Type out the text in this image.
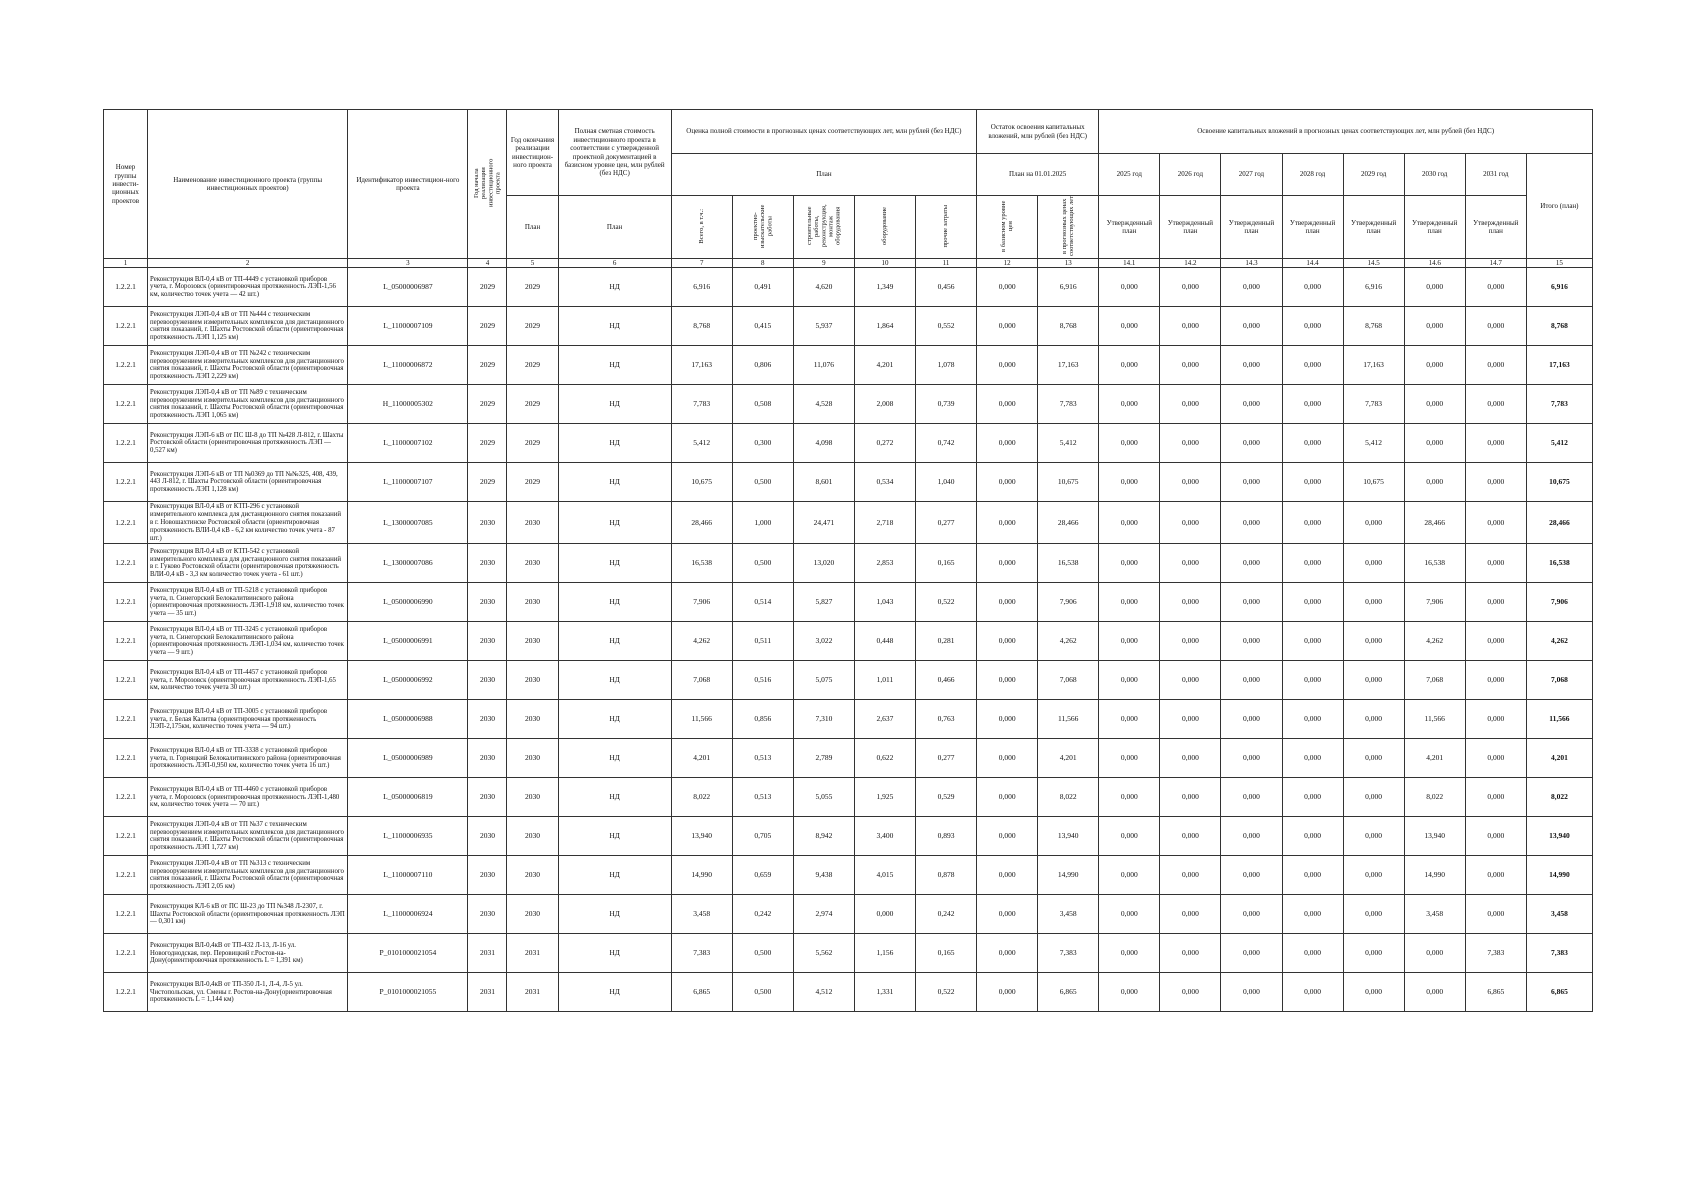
Номер группы инвести-ционных проектов	Наименование инвестиционного проекта (группы инвестиционных проектов)	Идентификатор инвестицион-ного проекта	Год начала реализации инвестиционного проекта	Год окончания реализации инвестицион-ного проекта	Полная сметная стоимость инвестиционного проекта в соответствии с утвержденной проектной документацией в базисном уровне цен, млн рублей (без НДС)	Оценка полной стоимости в прогнозных ценах соответствующих лет, млн рублей (без НДС)					Остаток освоения капитальных вложений, млн рублей (без НДС)		Освоение капитальных вложений в прогнозных ценах соответствующих лет, млн рублей (без НДС)							
						План					План на 01.01.2025		2025 год	2026 год	2027 год	2028 год	2029 год	2030 год	2031 год	Итого (план)
				План	План	Всего, в т.ч.:	проектно-изыскательские работы	строительные работы, реконструкция, монтаж оборудования	оборудование	прочие затраты	в базисном уровне цен	в прогнозных ценах соответствующих лет	Утвержденный план	Утвержденный план	Утвержденный план	Утвержденный план	Утвержденный план	Утвержденный план	Утвержденный план	
1	2	3	4	5	6	7	8	9	10	11	12	13	14.1	14.2	14.3	14.4	14.5	14.6	14.7	15
1.2.2.1	Реконструкция ВЛ-0,4 кВ от ТП-4449 с установкой приборов учета, г. Морозовск (ориентировочная протяженность ЛЭП-1,56 км, количество точек учета — 42 шт.)	L_05000006987	2029	2029	НД	6,916	0,491	4,620	1,349	0,456	0,000	6,916	0,000	0,000	0,000	0,000	6,916	0,000	0,000	6,916
1.2.2.1	Реконструкция ЛЭП-0,4 кВ от ТП №444 с техническим перевооружением измерительных комплексов для дистанционного снятия показаний, г. Шахты Ростовской области (ориентировочная протяженность ЛЭП 1,125 км)	L_11000007109	2029	2029	НД	8,768	0,415	5,937	1,864	0,552	0,000	8,768	0,000	0,000	0,000	0,000	8,768	0,000	0,000	8,768
1.2.2.1	Реконструкция ЛЭП-0,4 кВ от ТП №242 с техническим перевооружением измерительных комплексов для дистанционного снятия показаний, г. Шахты Ростовской области (ориентировочная протяженность ЛЭП 2,229 км)	L_11000006872	2029	2029	НД	17,163	0,806	11,076	4,201	1,078	0,000	17,163	0,000	0,000	0,000	0,000	17,163	0,000	0,000	17,163
1.2.2.1	Реконструкция ЛЭП-0,4 кВ от ТП №89 с техническим перевооружением измерительных комплексов для дистанционного снятия показаний, г. Шахты Ростовской области (ориентировочная протяженность ЛЭП 1,065 км)	H_11000005302	2029	2029	НД	7,783	0,508	4,528	2,008	0,739	0,000	7,783	0,000	0,000	0,000	0,000	7,783	0,000	0,000	7,783
1.2.2.1	Реконструкция ЛЭП-6 кВ от ПС Ш-8 до ТП №428 Л-812, г. Шахты Ростовской области (ориентировочная протяженность ЛЭП — 0,527 км)	L_11000007102	2029	2029	НД	5,412	0,300	4,098	0,272	0,742	0,000	5,412	0,000	0,000	0,000	0,000	5,412	0,000	0,000	5,412
1.2.2.1	Реконструкция ЛЭП-6 кВ от ТП №0369 до ТП №№325, 408, 439, 443 Л-812, г. Шахты Ростовской области (ориентировочная протяженность ЛЭП 1,128 км)	L_11000007107	2029	2029	НД	10,675	0,500	8,601	0,534	1,040	0,000	10,675	0,000	0,000	0,000	0,000	10,675	0,000	0,000	10,675
1.2.2.1	Реконструкция ВЛ-0,4 кВ от КТП-296 с установкой измерительного комплекса для дистанционного снятия показаний в г. Новошахтинске Ростовской области (ориентировочная протяженность ВЛИ-0,4 кВ - 6,2 км количество точек учета - 87 шт.)	L_13000007085	2030	2030	НД	28,466	1,000	24,471	2,718	0,277	0,000	28,466	0,000	0,000	0,000	0,000	0,000	28,466	0,000	28,466
1.2.2.1	Реконструкция ВЛ-0,4 кВ от КТП-542 с установкой измерительного комплекса для дистанционного снятия показаний в г. Гуково Ростовской области (ориентировочная протяженность ВЛИ-0,4 кВ - 3,3 км количество точек учета - 61 шт.)	L_13000007086	2030	2030	НД	16,538	0,500	13,020	2,853	0,165	0,000	16,538	0,000	0,000	0,000	0,000	0,000	16,538	0,000	16,538
1.2.2.1	Реконструкция ВЛ-0,4 кВ от ТП-5218 с установкой приборов учета, п. Синегорский Белокалитвинского района (ориентировочная протяженность ЛЭП-1,918 км, количество точек учета — 35 шт.)	L_05000006990	2030	2030	НД	7,906	0,514	5,827	1,043	0,522	0,000	7,906	0,000	0,000	0,000	0,000	0,000	7,906	0,000	7,906
1.2.2.1	Реконструкция ВЛ-0,4 кВ от ТП-3245 с установкой приборов учета, п. Синегорский Белокалитвинского района (ориентировочная протяженность ЛЭП-1,034 км, количество точек учета — 9 шт.)	L_05000006991	2030	2030	НД	4,262	0,511	3,022	0,448	0,281	0,000	4,262	0,000	0,000	0,000	0,000	0,000	4,262	0,000	4,262
1.2.2.1	Реконструкция ВЛ-0,4 кВ от ТП-4457 с установкой приборов учета, г. Морозовск (ориентировочная протяженность ЛЭП-1,65 км, количество точек учета 30 шт.)	L_05000006992	2030	2030	НД	7,068	0,516	5,075	1,011	0,466	0,000	7,068	0,000	0,000	0,000	0,000	0,000	7,068	0,000	7,068
1.2.2.1	Реконструкция ВЛ-0,4 кВ от ТП-3005 с установкой приборов учета, г. Белая Калитва (ориентировочная протяженность ЛЭП-2,175км, количество точек учета — 94 шт.)	L_05000006988	2030	2030	НД	11,566	0,856	7,310	2,637	0,763	0,000	11,566	0,000	0,000	0,000	0,000	0,000	11,566	0,000	11,566
1.2.2.1	Реконструкция ВЛ-0,4 кВ от ТП-3338 с установкой приборов учета, п. Горняцкий Белокалитвинского района (ориентировочная протяженность ЛЭП-0,950 км, количество точек учета 16 шт.)	L_05000006989	2030	2030	НД	4,201	0,513	2,789	0,622	0,277	0,000	4,201	0,000	0,000	0,000	0,000	0,000	4,201	0,000	4,201
1.2.2.1	Реконструкция ВЛ-0,4 кВ от ТП-4460 с установкой приборов учета, г. Морозовск (ориентировочная протяженность ЛЭП-1,480 км, количество точек учета — 70 шт.)	L_05000006819	2030	2030	НД	8,022	0,513	5,055	1,925	0,529	0,000	8,022	0,000	0,000	0,000	0,000	0,000	8,022	0,000	8,022
1.2.2.1	Реконструкция ЛЭП-0,4 кВ от ТП №37 с техническим перевооружением измерительных комплексов для дистанционного снятия показаний, г. Шахты Ростовской области (ориентировочная протяженность ЛЭП 1,727 км)	L_11000006935	2030	2030	НД	13,940	0,705	8,942	3,400	0,893	0,000	13,940	0,000	0,000	0,000	0,000	0,000	13,940	0,000	13,940
1.2.2.1	Реконструкция ЛЭП-0,4 кВ от ТП №313 с техническим перевооружением измерительных комплексов для дистанционного снятия показаний, г. Шахты Ростовской области (ориентировочная протяженность ЛЭП 2,05 км)	L_11000007110	2030	2030	НД	14,990	0,659	9,438	4,015	0,878	0,000	14,990	0,000	0,000	0,000	0,000	0,000	14,990	0,000	14,990
1.2.2.1	Реконструкция КЛ-6 кВ от ПС Ш-23 до ТП №348 Л-2307, г. Шахты Ростовской области (ориентировочная протяженность ЛЭП — 0,301 км)	L_11000006924	2030	2030	НД	3,458	0,242	2,974	0,000	0,242	0,000	3,458	0,000	0,000	0,000	0,000	0,000	3,458	0,000	3,458
1.2.2.1	Реконструкция ВЛ-0,4кВ от ТП-432 Л-13, Л-16 ул. Новогоднодская, пер. Перовицкий г.Ростов-на-Дону(ориентировочная протяженность L = 1,391 км)	P_0101000021054	2031	2031	НД	7,383	0,500	5,562	1,156	0,165	0,000	7,383	0,000	0,000	0,000	0,000	0,000	0,000	7,383	7,383
1.2.2.1	Реконструкция ВЛ-0,4кВ от ТП-350 Л-1, Л-4, Л-5 ул. Чистопольская, ул. Смены г. Ростов-на-Дону(ориентировочная протяженность L = 1,144 км)	P_0101000021055	2031	2031	НД	6,865	0,500	4,512	1,331	0,522	0,000	6,865	0,000	0,000	0,000	0,000	0,000	0,000	6,865	6,865
